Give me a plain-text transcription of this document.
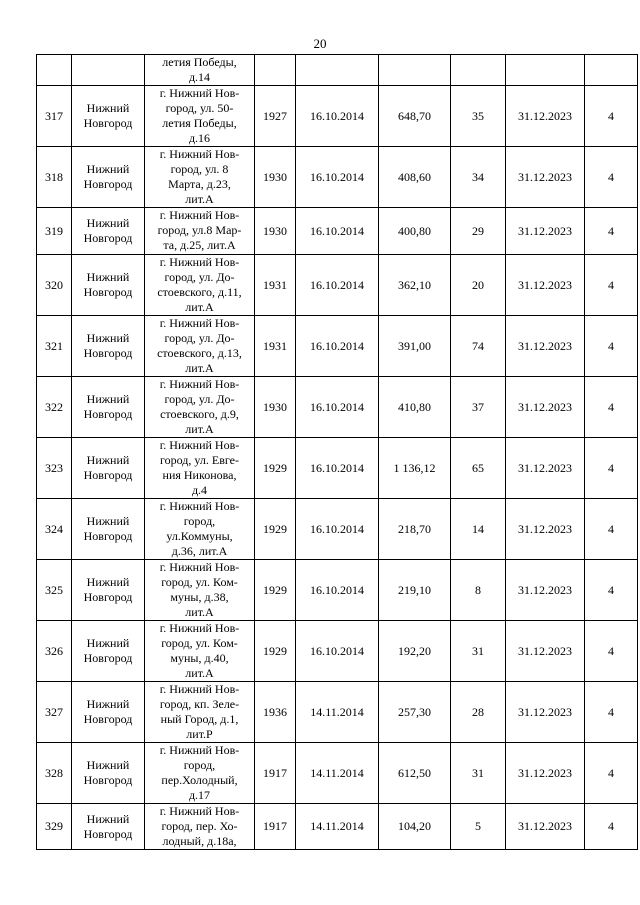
20

		летия Победы,
д.14						

317	Нижний
Новгород	г. Нижний Нов-
город, ул. 50-
летия Победы,
д.16	1927	16.10.2014	648,70	35	31.12.2023	4

318	Нижний
Новгород	г. Нижний Нов-
город, ул. 8
Марта, д.23,
лит.А	1930	16.10.2014	408,60	34	31.12.2023	4

319	Нижний
Новгород	г. Нижний Нов-
город, ул.8 Мар-
та, д.25, лит.А	1930	16.10.2014	400,80	29	31.12.2023	4

320	Нижний
Новгород	г. Нижний Нов-
город, ул. До-
стоевского, д.11,
лит.А	1931	16.10.2014	362,10	20	31.12.2023	4

321	Нижний
Новгород	г. Нижний Нов-
город, ул. До-
стоевского, д.13,
лит.А	1931	16.10.2014	391,00	74	31.12.2023	4

322	Нижний
Новгород	г. Нижний Нов-
город, ул. До-
стоевского, д.9,
лит.А	1930	16.10.2014	410,80	37	31.12.2023	4

323	Нижний
Новгород	г. Нижний Нов-
город, ул. Евге-
ния Никонова,
д.4	1929	16.10.2014	1 136,12	65	31.12.2023	4

324	Нижний
Новгород	г. Нижний Нов-
город,
ул.Коммуны,
д.36, лит.А	1929	16.10.2014	218,70	14	31.12.2023	4

325	Нижний
Новгород	г. Нижний Нов-
город, ул. Ком-
муны, д.38,
лит.А	1929	16.10.2014	219,10	8	31.12.2023	4

326	Нижний
Новгород	г. Нижний Нов-
город, ул. Ком-
муны, д.40,
лит.А	1929	16.10.2014	192,20	31	31.12.2023	4

327	Нижний
Новгород	г. Нижний Нов-
город, кп. Зеле-
ный Город, д.1,
лит.Р	1936	14.11.2014	257,30	28	31.12.2023	4

328	Нижний
Новгород	г. Нижний Нов-
город,
пер.Холодный,
д.17	1917	14.11.2014	612,50	31	31.12.2023	4

329	Нижний
Новгород	г. Нижний Нов-
город, пер. Хо-
лодный, д.18а,	1917	14.11.2014	104,20	5	31.12.2023	4
